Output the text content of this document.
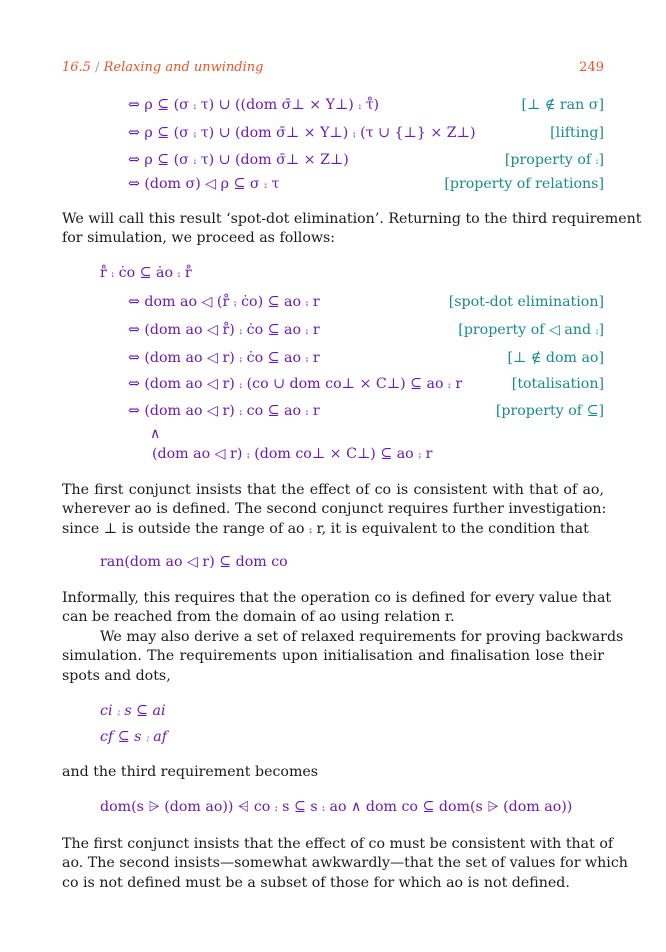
16.5 / Relaxing and unwinding	249
⇔ ρ ⊆ (σ ⨾ τ) ∪ ((dom σ̄⊥ × Y⊥) ⨾ τ̊)	[⊥ ∉ ran σ]
⇔ ρ ⊆ (σ ⨾ τ) ∪ (dom σ̄⊥ × Y⊥) ⨾ (τ ∪ {⊥} × Z⊥)	[lifting]
⇔ ρ ⊆ (σ ⨾ τ) ∪ (dom σ̄⊥ × Z⊥)	[property of ⨾]
⇔ (dom σ) ◁ ρ ⊆ σ ⨾ τ	[property of relations]
We will call this result ‘spot-dot elimination’. Returning to the third requirement
for simulation, we proceed as follows:
r̊ ⨾ ċo ⊆ ȧo ⨾ r̊
⇔ dom ao ◁ (r̊ ⨾ ċo) ⊆ ao ⨾ r	[spot-dot elimination]
⇔ (dom ao ◁ r̊) ⨾ ċo ⊆ ao ⨾ r	[property of ◁ and ⨾]
⇔ (dom ao ◁ r) ⨾ ċo ⊆ ao ⨾ r	[⊥ ∉ dom ao]
⇔ (dom ao ◁ r) ⨾ (co ∪ dom co⊥ × C⊥) ⊆ ao ⨾ r	[totalisation]
⇔ (dom ao ◁ r) ⨾ co ⊆ ao ⨾ r	[property of ⊆]
∧
(dom ao ◁ r) ⨾ (dom co⊥ × C⊥) ⊆ ao ⨾ r
The first conjunct insists that the effect of co is consistent with that of ao,
wherever ao is defined. The second conjunct requires further investigation:
since ⊥ is outside the range of ao ⨾ r, it is equivalent to the condition that
ran(dom ao ◁ r) ⊆ dom co
Informally, this requires that the operation co is defined for every value that
can be reached from the domain of ao using relation r.
We may also derive a set of relaxed requirements for proving backwards
simulation. The requirements upon initialisation and finalisation lose their
spots and dots,
ci ⨾ s ⊆ ai
cf ⊆ s ⨾ af
and the third requirement becomes
dom(s ⩥ (dom ao)) ⩤ co ⨾ s ⊆ s ⨾ ao ∧ dom co ⊆ dom(s ⩥ (dom ao))
The first conjunct insists that the effect of co must be consistent with that of
ao. The second insists—somewhat awkwardly—that the set of values for which
co is not defined must be a subset of those for which ao is not defined.
